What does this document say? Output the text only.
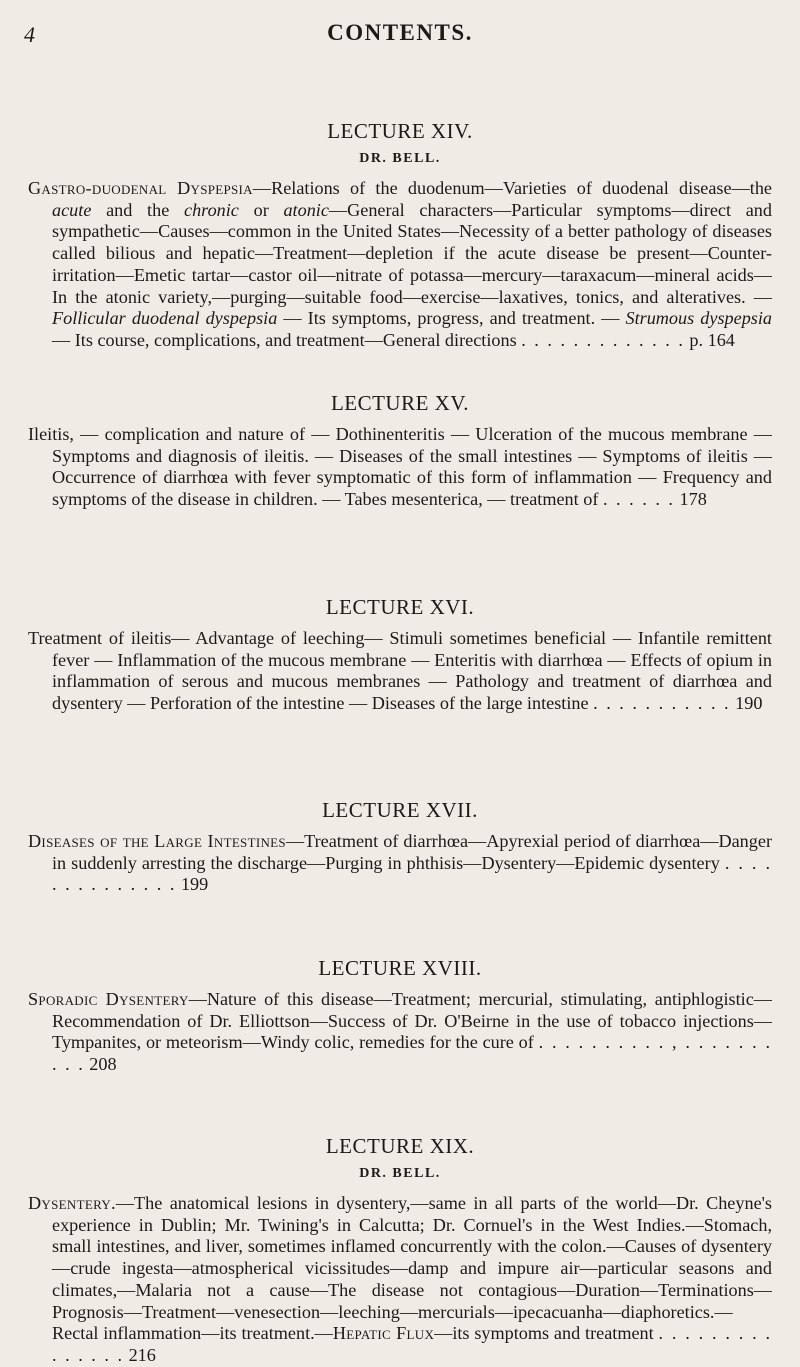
4	CONTENTS.

LECTURE XIV.

DR. BELL.

Gastro-duodenal Dyspepsia—Relations of the duodenum—Varieties of duodenal disease—the acute and the chronic or atonic—General characters—Particular symptoms—direct and sympathetic—Causes—common in the United States—Necessity of a better pathology of diseases called bilious and hepatic—Treatment—depletion if the acute disease be present—Counter-irritation—Emetic tartar—castor oil—nitrate of potassa—mercury—taraxacum—mineral acids—In the atonic variety,—purging—suitable food—exercise—laxatives, tonics, and alteratives. — Follicular duodenal dyspepsia — Its symptoms, progress, and treatment. — Strumous dyspepsia — Its course, complications, and treatment—General directions . . . . . . . . . . . . . p. 164

LECTURE XV.

Ileitis, — complication and nature of — Dothinenteritis — Ulceration of the mucous membrane — Symptoms and diagnosis of ileitis. — Diseases of the small intestines — Symptoms of ileitis — Occurrence of diarrhœa with fever symptomatic of this form of inflammation — Frequency and symptoms of the disease in children. — Tabes mesenterica, — treatment of . . . . . . 178

LECTURE XVI.

Treatment of ileitis— Advantage of leeching— Stimuli sometimes beneficial — Infantile remittent fever — Inflammation of the mucous membrane — Enteritis with diarrhœa — Effects of opium in inflammation of serous and mucous membranes — Pathology and treatment of diarrhœa and dysentery — Perforation of the intestine — Diseases of the large intestine . . . . . . . . . . . 190

LECTURE XVII.

Diseases of the Large Intestines—Treatment of diarrhœa—Apyrexial period of diarrhœa—Danger in suddenly arresting the discharge—Purging in phthisis—Dysentery—Epidemic dysentery . . . . . . . . . . . . . . 199

LECTURE XVIII.

Sporadic Dysentery—Nature of this disease—Treatment; mercurial, stimulating, antiphlogistic—Recommendation of Dr. Elliottson—Success of Dr. O'Beirne in the use of tobacco injections—Tympanites, or meteorism—Windy colic, remedies for the cure of . . . . . . . . . . , . . . . . . . . . . 208

LECTURE XIX.

DR. BELL.

Dysentery.—The anatomical lesions in dysentery,—same in all parts of the world—Dr. Cheyne's experience in Dublin; Mr. Twining's in Calcutta; Dr. Cornuel's in the West Indies.—Stomach, small intestines, and liver, sometimes inflamed concurrently with the colon.—Causes of dysentery—crude ingesta—atmospherical vicissitudes—damp and impure air—particular seasons and climates,—Malaria not a cause—The disease not contagious—Duration—Terminations—Prognosis—Treatment—venesection—leeching—mercurials—ipecacuanha—diaphoretics.—Rectal inflammation—its treatment.—Hepatic Flux—its symptoms and treatment . . . . . . . . . . . . . . . 216
